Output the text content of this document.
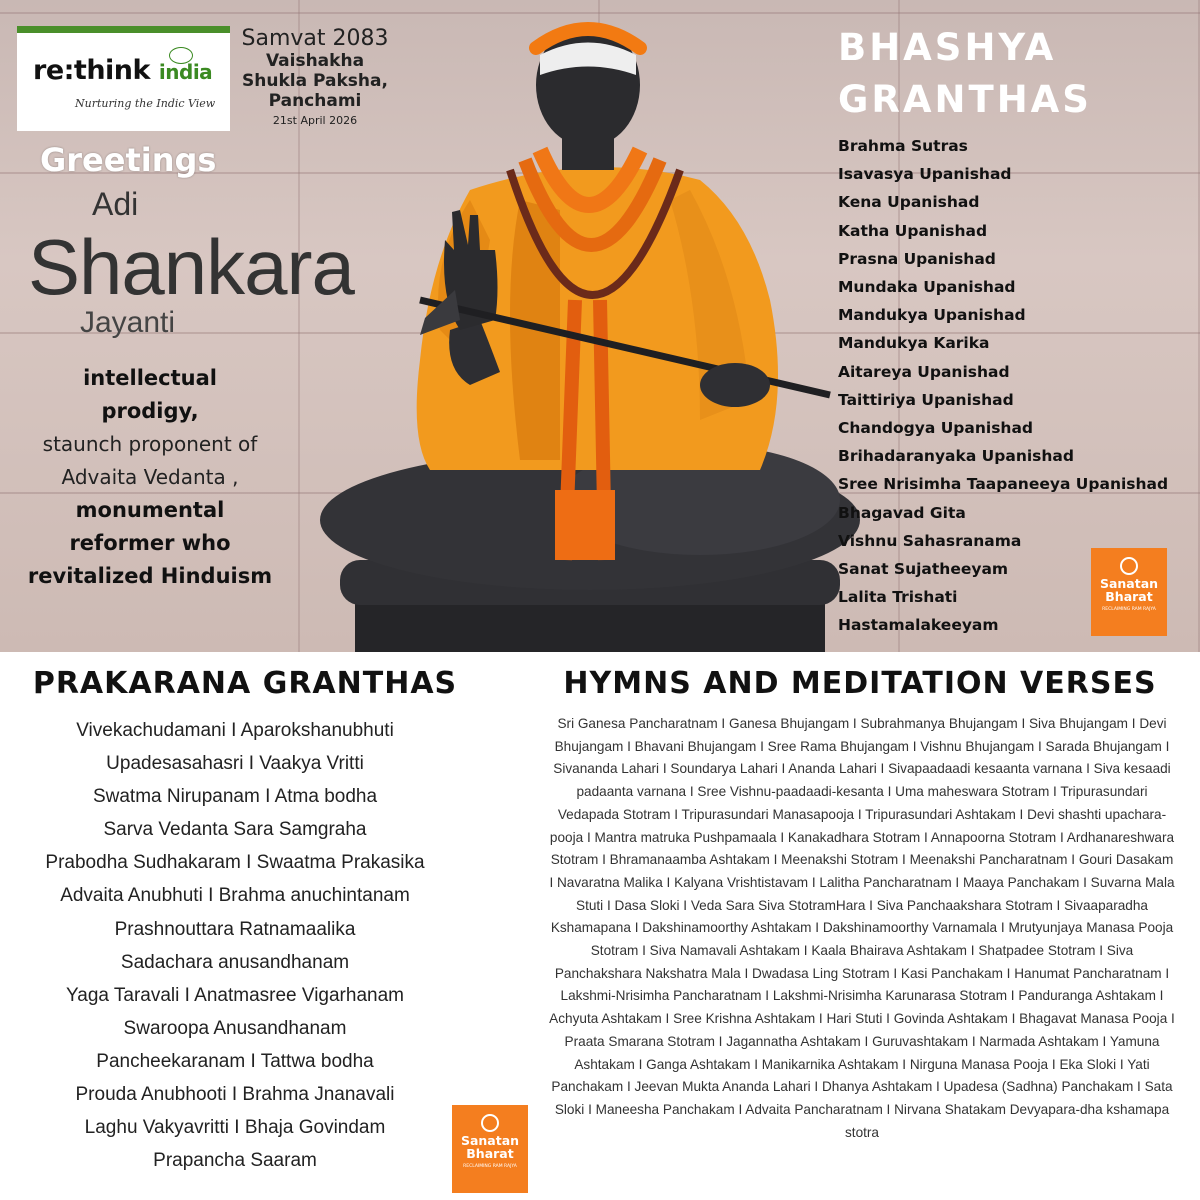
re:think india
Nurturing the Indic View
Samvat 2083
Vaishakha
Shukla Paksha,
Panchami
21st April 2026
Greetings
Adi
Shankara
Jayanti
intellectual
prodigy,
staunch proponent of
Advaita Vedanta ,
monumental
reformer who
revitalized Hinduism
BHASHYA
GRANTHAS
Brahma Sutras
Isavasya Upanishad
Kena Upanishad
Katha Upanishad
Prasna Upanishad
Mundaka Upanishad
Mandukya Upanishad
Mandukya Karika
Aitareya Upanishad
Taittiriya Upanishad
Chandogya Upanishad
Brihadaranyaka Upanishad
Sree Nrisimha Taapaneeya Upanishad
Bhagavad Gita
Vishnu Sahasranama
Sanat Sujatheeyam
Lalita Trishati
Hastamalakeeyam
Sanatan
Bharat
RECLAIMING RAM RAJYA
PRAKARANA GRANTHAS
Vivekachudamani I Aparokshanubhuti
Upadesasahasri I Vaakya Vritti
Swatma Nirupanam I Atma bodha
Sarva Vedanta Sara Samgraha
Prabodha Sudhakaram I Swaatma Prakasika
Advaita Anubhuti I Brahma anuchintanam
Prashnouttara Ratnamaalika
Sadachara anusandhanam
Yaga Taravali I Anatmasree Vigarhanam
Swaroopa Anusandhanam
Pancheekaranam I Tattwa bodha
Prouda Anubhooti I Brahma Jnanavali
Laghu Vakyavritti I Bhaja Govindam
Prapancha Saaram
Sanatan
Bharat
RECLAIMING RAM RAJYA
HYMNS AND MEDITATION VERSES
Sri Ganesa Pancharatnam I Ganesa Bhujangam I Subrahmanya Bhujangam I Siva Bhujangam I Devi Bhujangam I Bhavani Bhujangam I Sree Rama Bhujangam I Vishnu Bhujangam I Sarada Bhujangam I Sivananda Lahari I Soundarya Lahari I Ananda Lahari I Sivapaadaadi kesaanta varnana I Siva kesaadi padaanta varnana I Sree Vishnu-paadaadi-kesanta I Uma maheswara Stotram I Tripurasundari Vedapada Stotram I Tripurasundari Manasapooja I Tripurasundari Ashtakam I Devi shashti upachara-pooja I Mantra matruka Pushpamaala I Kanakadhara Stotram I Annapoorna Stotram I Ardhanareshwara Stotram I Bhramanaamba Ashtakam I Meenakshi Stotram I Meenakshi Pancharatnam I Gouri Dasakam I Navaratna Malika I Kalyana Vrishtistavam I Lalitha Pancharatnam I Maaya Panchakam I Suvarna Mala Stuti I Dasa Sloki I Veda Sara Siva StotramHara I Siva Panchaakshara Stotram I Sivaaparadha Kshamapana I Dakshinamoorthy Ashtakam I Dakshinamoorthy Varnamala I Mrutyunjaya Manasa Pooja Stotram I Siva Namavali Ashtakam I Kaala Bhairava Ashtakam I Shatpadee Stotram I Siva Panchakshara Nakshatra Mala I Dwadasa Ling Stotram I Kasi Panchakam I Hanumat Pancharatnam I Lakshmi-Nrisimha Pancharatnam I Lakshmi-Nrisimha Karunarasa Stotram I Panduranga Ashtakam I Achyuta Ashtakam I Sree Krishna Ashtakam I Hari Stuti I Govinda Ashtakam I Bhagavat Manasa Pooja I Praata Smarana Stotram I Jagannatha Ashtakam I Guruvashtakam I Narmada Ashtakam I Yamuna Ashtakam I Ganga Ashtakam I Manikarnika Ashtakam I Nirguna Manasa Pooja I Eka Sloki I Yati Panchakam I Jeevan Mukta Ananda Lahari I Dhanya Ashtakam I Upadesa (Sadhna) Panchakam I Sata Sloki I Maneesha Panchakam I Advaita Pancharatnam I Nirvana Shatakam Devyapara-dha kshamapa stotra
